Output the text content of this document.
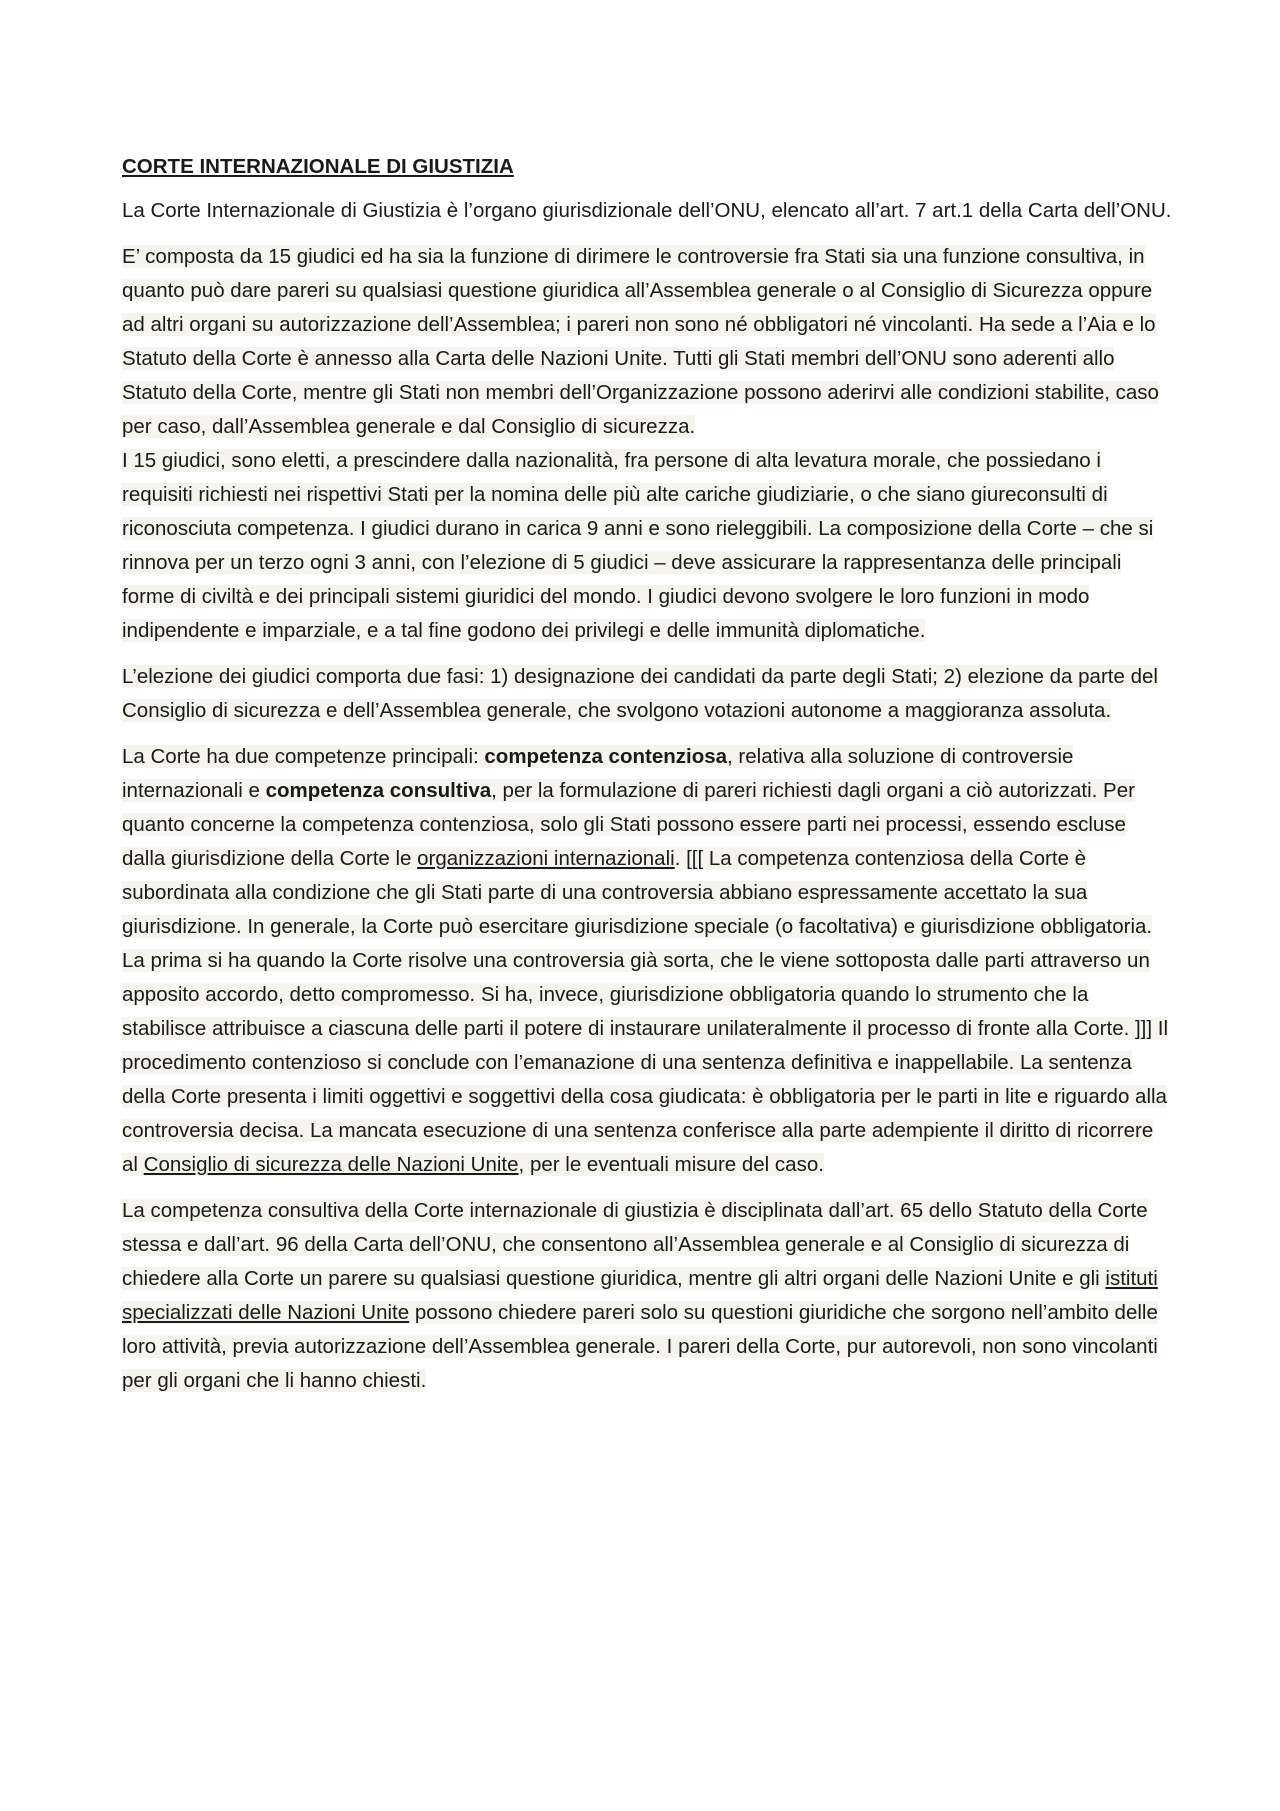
CORTE INTERNAZIONALE DI GIUSTIZIA

La Corte Internazionale di Giustizia è l’organo giurisdizionale dell’ONU, elencato all’art. 7 art.1 della Carta dell’ONU.

E’ composta da 15 giudici ed ha sia la funzione di dirimere le controversie fra Stati sia una funzione consultiva, in quanto può dare pareri su qualsiasi questione giuridica all’Assemblea generale o al Consiglio di Sicurezza oppure ad altri organi su autorizzazione dell’Assemblea; i pareri non sono né obbligatori né vincolanti. Ha sede a l’Aia e lo Statuto della Corte è annesso alla Carta delle Nazioni Unite. Tutti gli Stati membri dell’ONU sono aderenti allo Statuto della Corte, mentre gli Stati non membri dell’Organizzazione possono aderirvi alle condizioni stabilite, caso per caso, dall’Assemblea generale e dal Consiglio di sicurezza.

I 15 giudici, sono eletti, a prescindere dalla nazionalità, fra persone di alta levatura morale, che possiedano i requisiti richiesti nei rispettivi Stati per la nomina delle più alte cariche giudiziarie, o che siano giureconsulti di riconosciuta competenza. I giudici durano in carica 9 anni e sono rieleggibili. La composizione della Corte – che si rinnova per un terzo ogni 3 anni, con l’elezione di 5 giudici – deve assicurare la rappresentanza delle principali forme di civiltà e dei principali sistemi giuridici del mondo. I giudici devono svolgere le loro funzioni in modo indipendente e imparziale, e a tal fine godono dei privilegi e delle immunità diplomatiche.

L’elezione dei giudici comporta due fasi: 1) designazione dei candidati da parte degli Stati; 2) elezione da parte del Consiglio di sicurezza e dell’Assemblea generale, che svolgono votazioni autonome a maggioranza assoluta.

La Corte ha due competenze principali: competenza contenziosa, relativa alla soluzione di controversie internazionali e competenza consultiva, per la formulazione di pareri richiesti dagli organi a ciò autorizzati. Per quanto concerne la competenza contenziosa, solo gli Stati possono essere parti nei processi, essendo escluse dalla giurisdizione della Corte le organizzazioni internazionali. [[[ La competenza contenziosa della Corte è subordinata alla condizione che gli Stati parte di una controversia abbiano espressamente accettato la sua giurisdizione. In generale, la Corte può esercitare giurisdizione speciale (o facoltativa) e giurisdizione obbligatoria. La prima si ha quando la Corte risolve una controversia già sorta, che le viene sottoposta dalle parti attraverso un apposito accordo, detto compromesso. Si ha, invece, giurisdizione obbligatoria quando lo strumento che la stabilisce attribuisce a ciascuna delle parti il potere di instaurare unilateralmente il processo di fronte alla Corte. ]]] Il procedimento contenzioso si conclude con l’emanazione di una sentenza definitiva e inappellabile. La sentenza della Corte presenta i limiti oggettivi e soggettivi della cosa giudicata: è obbligatoria per le parti in lite e riguardo alla controversia decisa. La mancata esecuzione di una sentenza conferisce alla parte adempiente il diritto di ricorrere al Consiglio di sicurezza delle Nazioni Unite, per le eventuali misure del caso.

La competenza consultiva della Corte internazionale di giustizia è disciplinata dall’art. 65 dello Statuto della Corte stessa e dall’art. 96 della Carta dell’ONU, che consentono all’Assemblea generale e al Consiglio di sicurezza di chiedere alla Corte un parere su qualsiasi questione giuridica, mentre gli altri organi delle Nazioni Unite e gli istituti specializzati delle Nazioni Unite possono chiedere pareri solo su questioni giuridiche che sorgono nell’ambito delle loro attività, previa autorizzazione dell’Assemblea generale. I pareri della Corte, pur autorevoli, non sono vincolanti per gli organi che li hanno chiesti.
